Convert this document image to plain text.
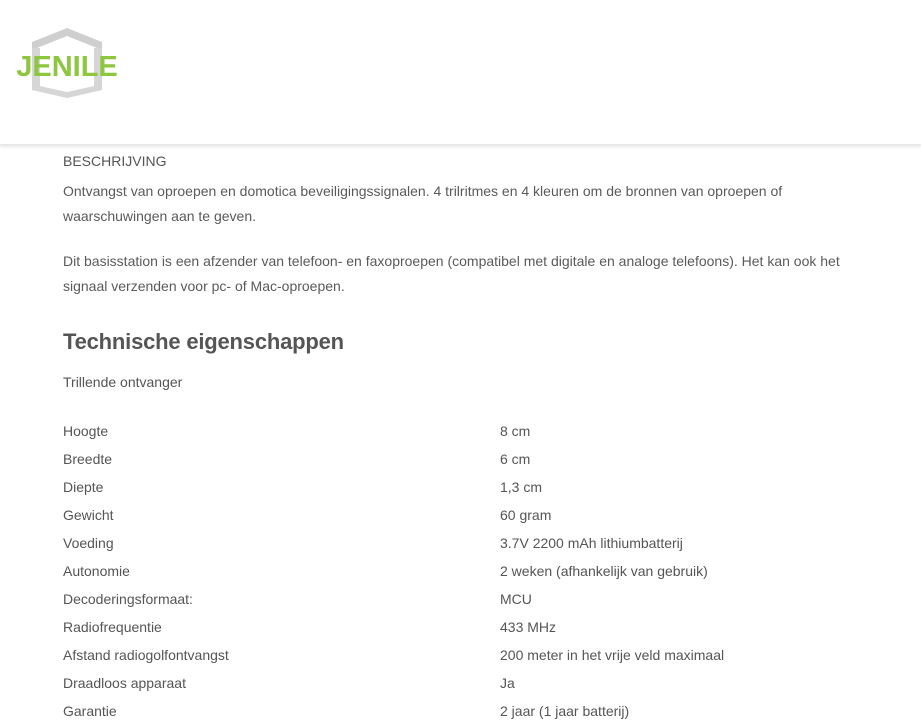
JENILE

BESCHRIJVING

Ontvangst van oproepen en domotica beveiligingssignalen. 4 trilritmes en 4 kleuren om de bronnen van oproepen of waarschuwingen aan te geven.

Dit basisstation is een afzender van telefoon- en faxoproepen (compatibel met digitale en analoge telefoons). Het kan ook het signaal verzenden voor pc- of Mac-oproepen.

Technische eigenschappen

Trillende ontvanger

Hoogte	8 cm
Breedte	6 cm
Diepte	1,3 cm
Gewicht	60 gram
Voeding	3.7V 2200 mAh lithiumbatterij
Autonomie	2 weken (afhankelijk van gebruik)
Decoderingsformaat:	MCU
Radiofrequentie	433 MHz
Afstand radiogolfontvangst	200 meter in het vrije veld maximaal
Draadloos apparaat	Ja
Garantie	2 jaar (1 jaar batterij)
